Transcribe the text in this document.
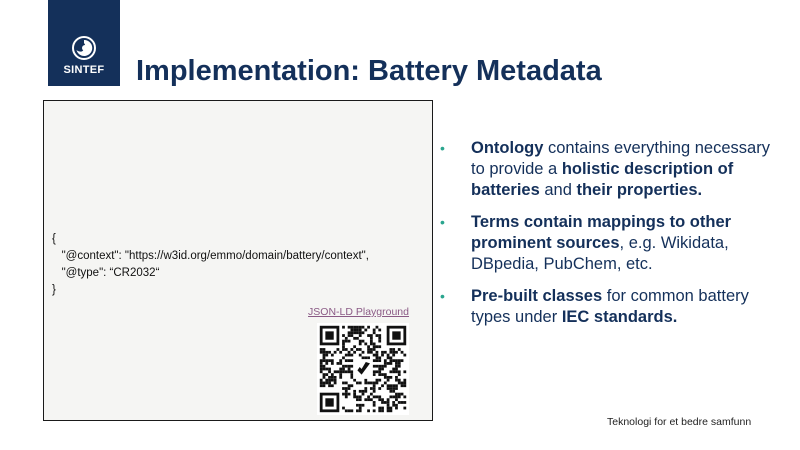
SINTEF Implementation: Battery Metadata
{
"@context": "https://w3id.org/emmo/domain/battery/context",
"@type": “CR2032“
}
JSON-LD Playground
• Ontology contains everything necessary to provide a holistic description of batteries and their properties.
• Terms contain mappings to other prominent sources, e.g. Wikidata, DBpedia, PubChem, etc.
• Pre-built classes for common battery types under IEC standards.
Teknologi for et bedre samfunn
